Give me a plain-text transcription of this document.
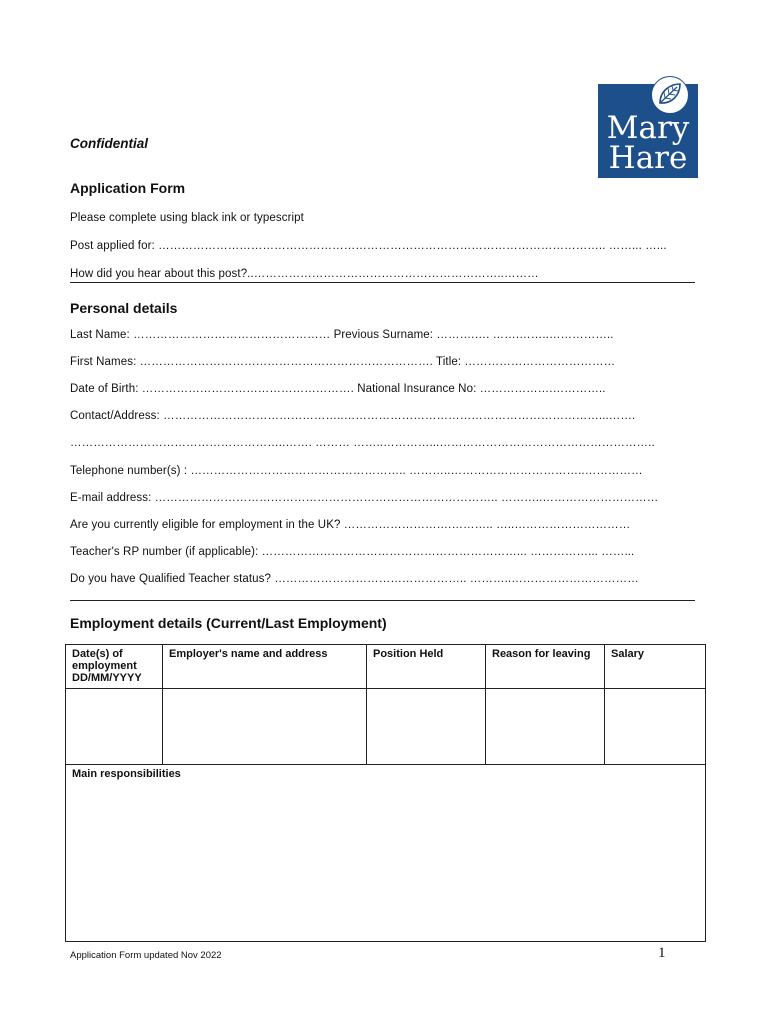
Mary
Hare
Confidential
Application Form
Please complete using black ink or typescript
Post applied for: …………………………………………………………………………………………………….. ……... …...
How did you hear about this post?..………………………………………………………..………
Personal details
Last Name: …………………………………………… Previous Surname: ……….…. …….……..……………..
First Names: …………………………………………………………………. Title: …………………………………
Date of Birth: ………………………………………………. National Insurance No: ……………….…………..
Contact/Address: ………………………………………..…………………………………………………………...…….
………………………………………………..……. ……… ……..…………...………………………………………………..
Telephone number(s) : ……………………………………………….. ………..……………………………..……………
E-mail address: …………………………………………………………………………….. ………..…………………………
Are you currently eligible for employment in the UK? ……………………….……….. …..…………………………
Teacher's RP number (if applicable): …………………………………………………………... ……………... ……...
Do you have Qualified Teacher status? ………………………………………….. ………..……………………………
Employment details (Current/Last Employment)
Date(s) of employment DD/MM/YYYY	Employer's name and address	Position Held	Reason for leaving	Salary

Main responsibilities				
Application Form updated Nov 2022	1
